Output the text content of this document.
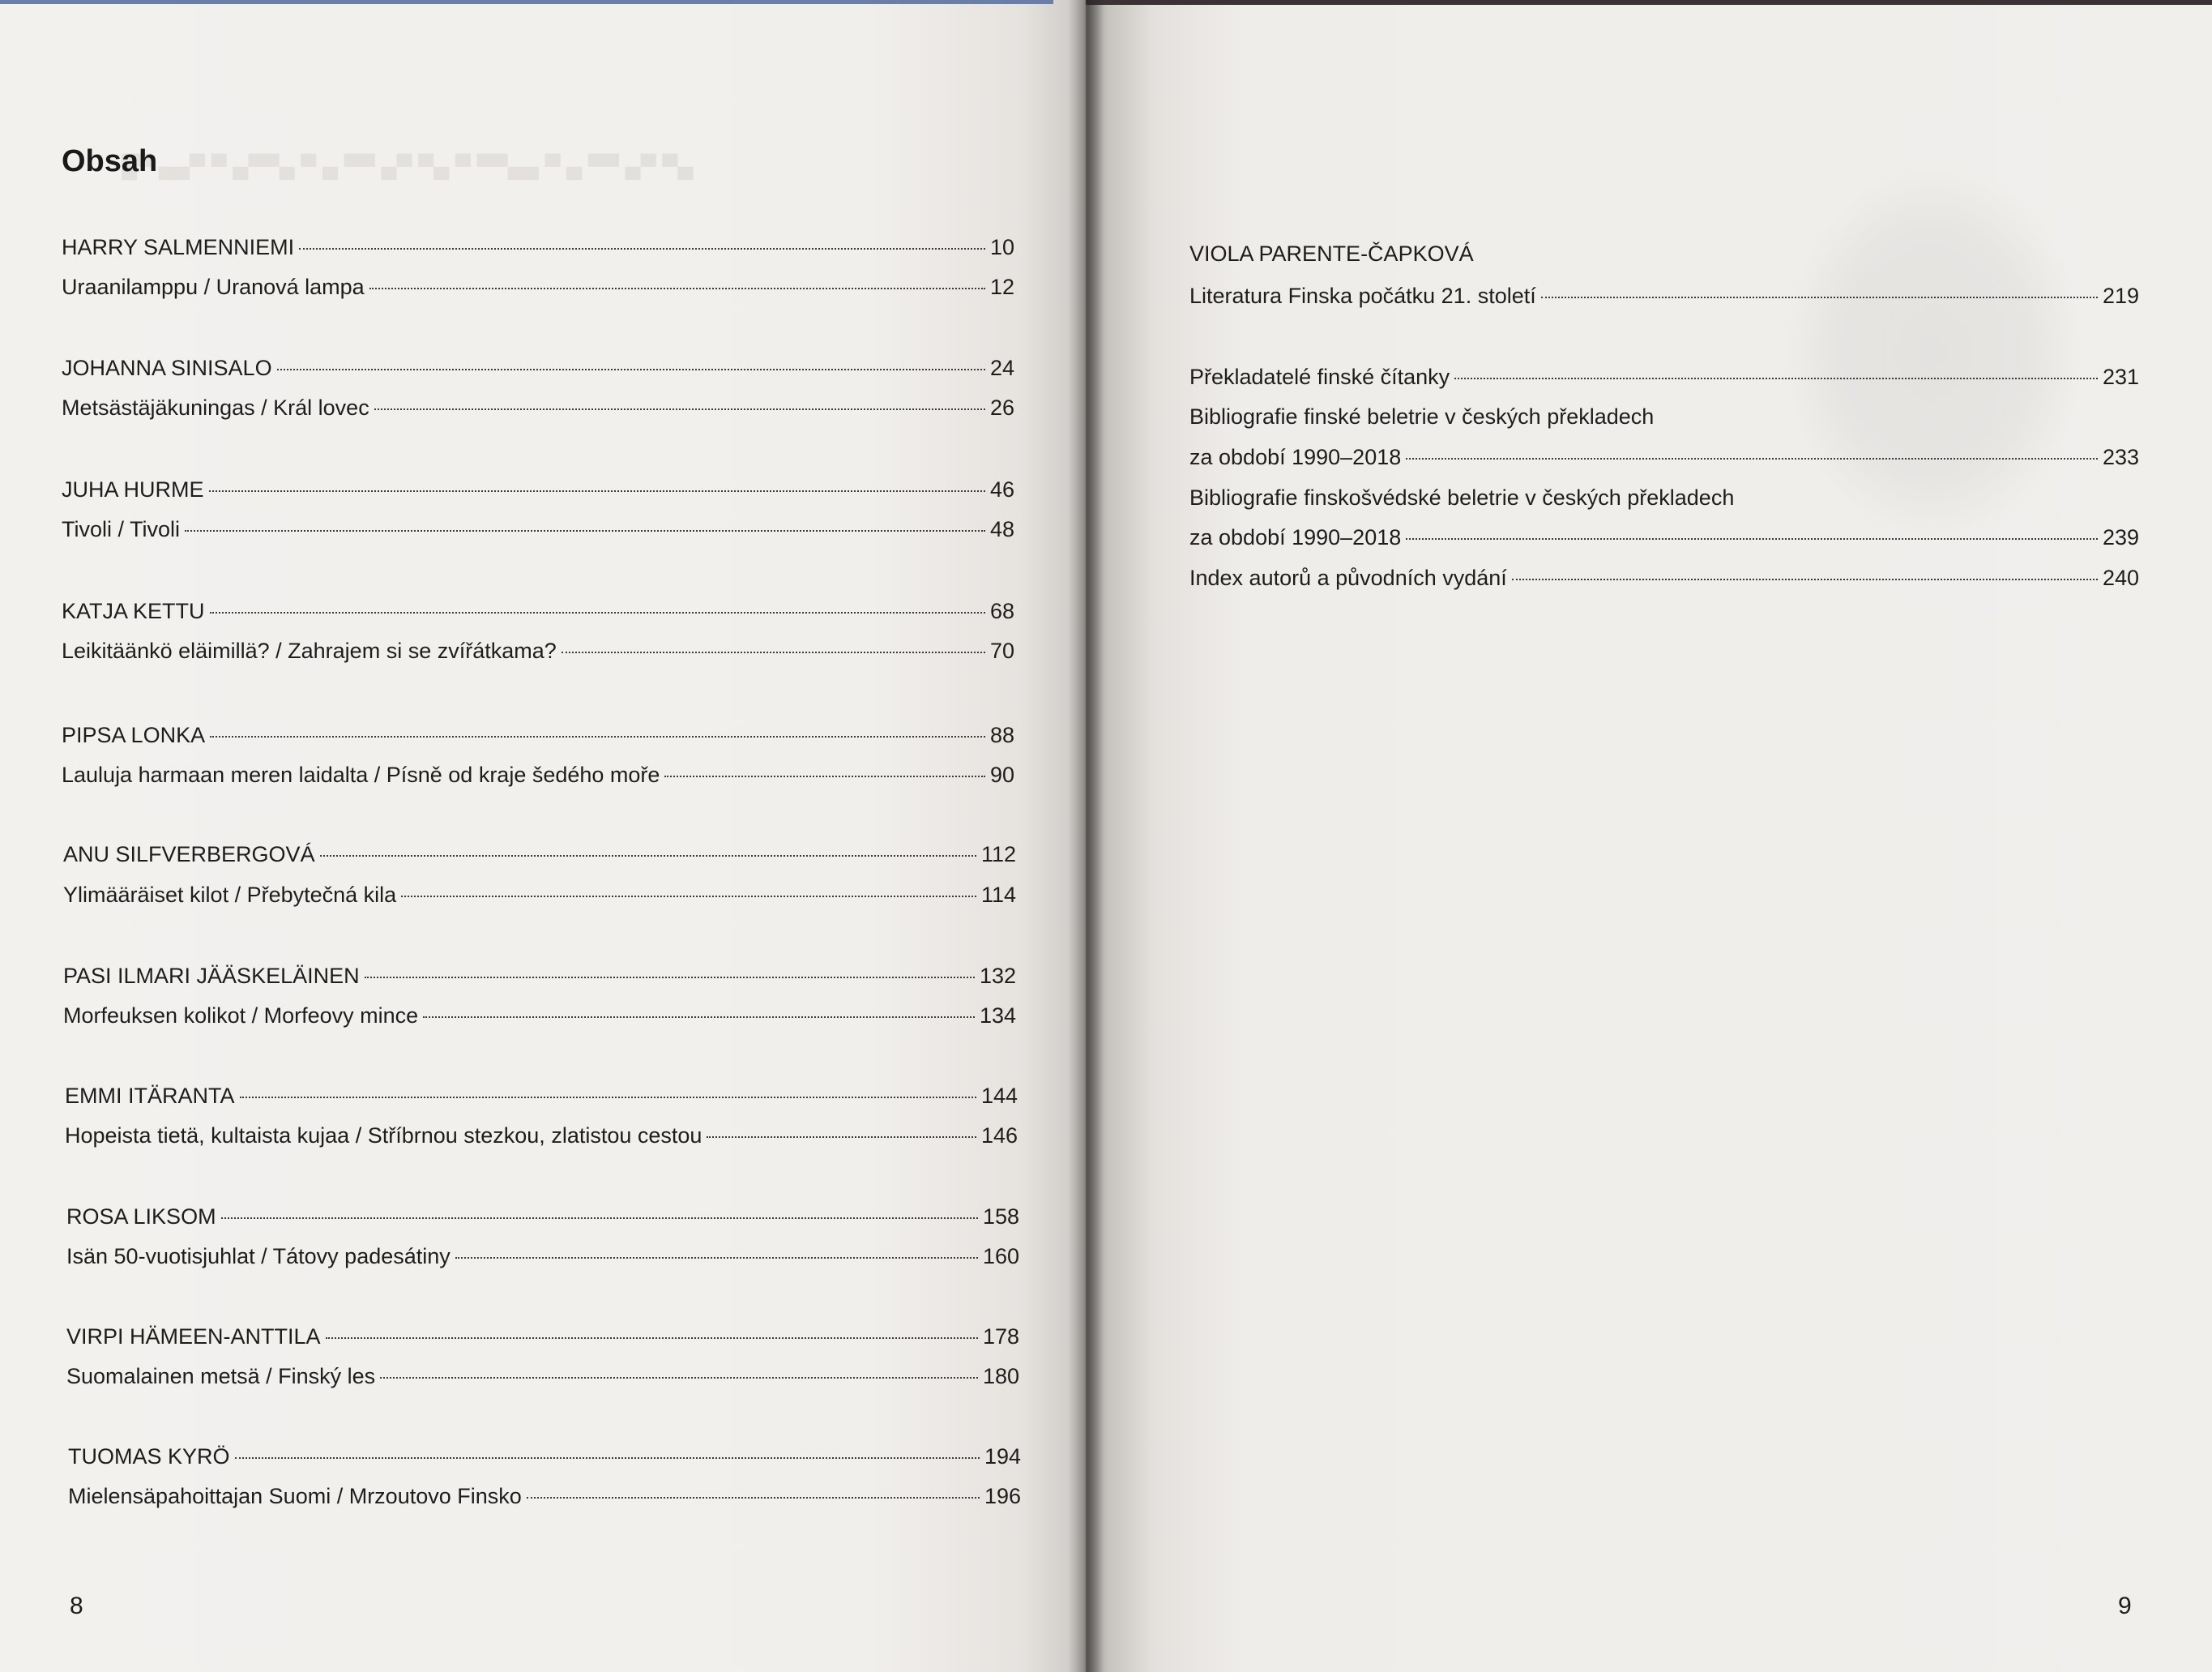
█▀ ▄▄▀ ▀ ▄▀▀▄ ▀ ▄ ▀▀ ▄▀ ▀▄ ▀ ▀▀▄▄ ▀ ▄ ▀▀ ▄▀ ▀▄
Obsah
HARRY SALMENNIEMI	10
Uraanilamppu / Uranová lampa	12
JOHANNA SINISALO	24
Metsästäjäkuningas / Král lovec	26
JUHA HURME	46
Tivoli / Tivoli	48
KATJA KETTU	68
Leikitäänkö eläimillä? / Zahrajem si se zvířátkama?	70
PIPSA LONKA	88
Lauluja harmaan meren laidalta / Písně od kraje šedého moře	90
ANU SILFVERBERGOVÁ	112
Ylimääräiset kilot / Přebytečná kila	114
PASI ILMARI JÄÄSKELÄINEN	132
Morfeuksen kolikot / Morfeovy mince	134
EMMI ITÄRANTA	144
Hopeista tietä, kultaista kujaa / Stříbrnou stezkou, zlatistou cestou	146
ROSA LIKSOM	158
Isän 50-vuotisjuhlat / Tátovy padesátiny	160
VIRPI HÄMEEN-ANTTILA	178
Suomalainen metsä / Finský les	180
TUOMAS KYRÖ	194
Mielensäpahoittajan Suomi / Mrzoutovo Finsko	196
8
VIOLA PARENTE-ČAPKOVÁ
Literatura Finska počátku 21. století	219
Překladatelé finské čítanky	231
Bibliografie finské beletrie v českých překladech
za období 1990–2018	233
Bibliografie finskošvédské beletrie v českých překladech
za období 1990–2018	239
Index autorů a původních vydání	240
9
